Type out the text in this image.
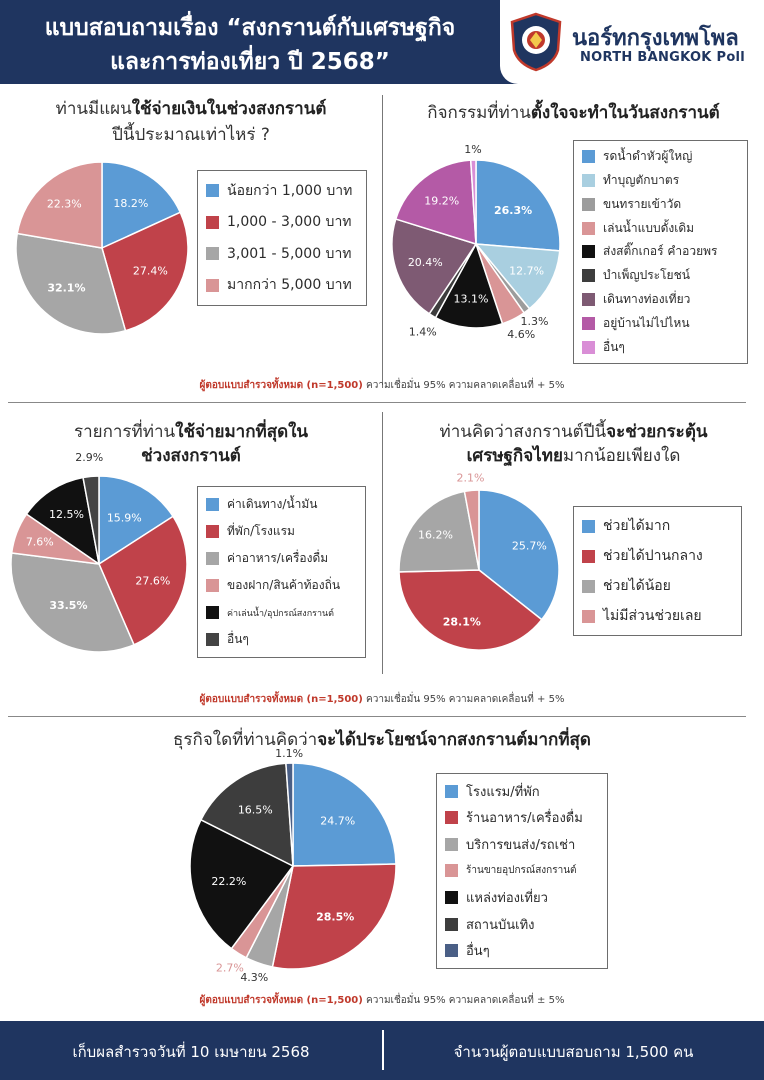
แบบสอบถามเรื่อง “สงกรานต์กับเศรษฐกิจ
และการท่องเที่ยว ปี 2568”
นอร์ทกรุงเทพโพล
NORTH BANGKOK Poll
ท่านมีแผนใช้จ่ายเงินในช่วงสงกรานต์
ปีนี้ประมาณเท่าไหร่ ?
18.2%
27.4%
32.1%
22.3%
น้อยกว่า 1,000 บาท
1,000 - 3,000 บาท
3,001 - 5,000 บาท
มากกว่า 5,000 บาท
กิจกรรมที่ท่านตั้งใจจะทำในวันสงกรานต์
26.3%
12.7%
1.3%
4.6%
13.1%
1.4%
20.4%
19.2%
1%	รดน้ำดำหัวผู้ใหญ่
ทำบุญตักบาตร
ขนทรายเข้าวัด
เล่นน้ำแบบดั้งเดิม
ส่งสติ๊กเกอร์ คำอวยพร
บำเพ็ญประโยชน์
เดินทางท่องเที่ยว
อยู่บ้านไม่ไปไหน
อื่นๆ
ผู้ตอบแบบสำรวจทั้งหมด (n=1,500) ความเชื่อมั่น 95% ความคลาดเคลื่อนที่ + 5%
รายการที่ท่านใช้จ่ายมากที่สุดใน
ช่วงสงกรานต์
15.9%
27.6%
33.5%
7.6%
12.5%
2.9%
ค่าเดินทาง/น้ำมัน
ที่พัก/โรงแรม
ค่าอาหาร/เครื่องดื่ม
ของฝาก/สินค้าท้องถิ่น
ค่าเล่นน้ำ/อุปกรณ์สงกรานต์
อื่นๆ
ท่านคิดว่าสงกรานต์ปีนี้จะช่วยกระตุ้น
เศรษฐกิจไทยมากน้อยเพียงใด
25.7%
28.1%
16.2%
2.1%
ช่วยได้มาก
ช่วยได้ปานกลาง
ช่วยได้น้อย
ไม่มีส่วนช่วยเลย
ผู้ตอบแบบสำรวจทั้งหมด (n=1,500) ความเชื่อมั่น 95% ความคลาดเคลื่อนที่ + 5%
ธุรกิจใดที่ท่านคิดว่าจะได้ประโยชน์จากสงกรานต์มากที่สุด
24.7%
28.5%
4.3%
2.7%
22.2%
16.5%
1.1%
โรงแรม/ที่พัก
ร้านอาหาร/เครื่องดื่ม
บริการขนส่ง/รถเช่า
ร้านขายอุปกรณ์สงกรานต์
แหล่งท่องเที่ยว
สถานบันเทิง
อื่นๆ
ผู้ตอบแบบสำรวจทั้งหมด (n=1,500) ความเชื่อมั่น 95% ความคลาดเคลื่อนที่ ± 5%
เก็บผลสำรวจวันที่ 10 เมษายน 2568	จำนวนผู้ตอบแบบสอบถาม 1,500 คน
